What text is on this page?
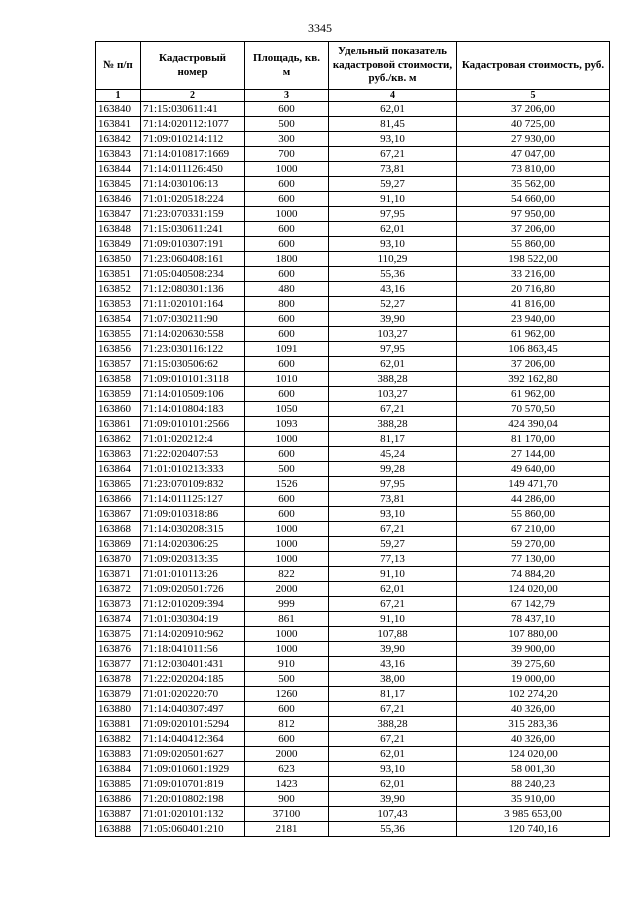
3345
№ п/п	Кадастровый номер	Площадь, кв. м	Удельный показатель кадастровой стоимости, руб./кв. м	Кадастровая стоимость, руб.
1	2	3	4	5
163840	71:15:030611:41	600	62,01	37 206,00
163841	71:14:020112:1077	500	81,45	40 725,00
163842	71:09:010214:112	300	93,10	27 930,00
163843	71:14:010817:1669	700	67,21	47 047,00
163844	71:14:011126:450	1000	73,81	73 810,00
163845	71:14:030106:13	600	59,27	35 562,00
163846	71:01:020518:224	600	91,10	54 660,00
163847	71:23:070331:159	1000	97,95	97 950,00
163848	71:15:030611:241	600	62,01	37 206,00
163849	71:09:010307:191	600	93,10	55 860,00
163850	71:23:060408:161	1800	110,29	198 522,00
163851	71:05:040508:234	600	55,36	33 216,00
163852	71:12:080301:136	480	43,16	20 716,80
163853	71:11:020101:164	800	52,27	41 816,00
163854	71:07:030211:90	600	39,90	23 940,00
163855	71:14:020630:558	600	103,27	61 962,00
163856	71:23:030116:122	1091	97,95	106 863,45
163857	71:15:030506:62	600	62,01	37 206,00
163858	71:09:010101:3118	1010	388,28	392 162,80
163859	71:14:010509:106	600	103,27	61 962,00
163860	71:14:010804:183	1050	67,21	70 570,50
163861	71:09:010101:2566	1093	388,28	424 390,04
163862	71:01:020212:4	1000	81,17	81 170,00
163863	71:22:020407:53	600	45,24	27 144,00
163864	71:01:010213:333	500	99,28	49 640,00
163865	71:23:070109:832	1526	97,95	149 471,70
163866	71:14:011125:127	600	73,81	44 286,00
163867	71:09:010318:86	600	93,10	55 860,00
163868	71:14:030208:315	1000	67,21	67 210,00
163869	71:14:020306:25	1000	59,27	59 270,00
163870	71:09:020313:35	1000	77,13	77 130,00
163871	71:01:010113:26	822	91,10	74 884,20
163872	71:09:020501:726	2000	62,01	124 020,00
163873	71:12:010209:394	999	67,21	67 142,79
163874	71:01:030304:19	861	91,10	78 437,10
163875	71:14:020910:962	1000	107,88	107 880,00
163876	71:18:041011:56	1000	39,90	39 900,00
163877	71:12:030401:431	910	43,16	39 275,60
163878	71:22:020204:185	500	38,00	19 000,00
163879	71:01:020220:70	1260	81,17	102 274,20
163880	71:14:040307:497	600	67,21	40 326,00
163881	71:09:020101:5294	812	388,28	315 283,36
163882	71:14:040412:364	600	67,21	40 326,00
163883	71:09:020501:627	2000	62,01	124 020,00
163884	71:09:010601:1929	623	93,10	58 001,30
163885	71:09:010701:819	1423	62,01	88 240,23
163886	71:20:010802:198	900	39,90	35 910,00
163887	71:01:020101:132	37100	107,43	3 985 653,00
163888	71:05:060401:210	2181	55,36	120 740,16
